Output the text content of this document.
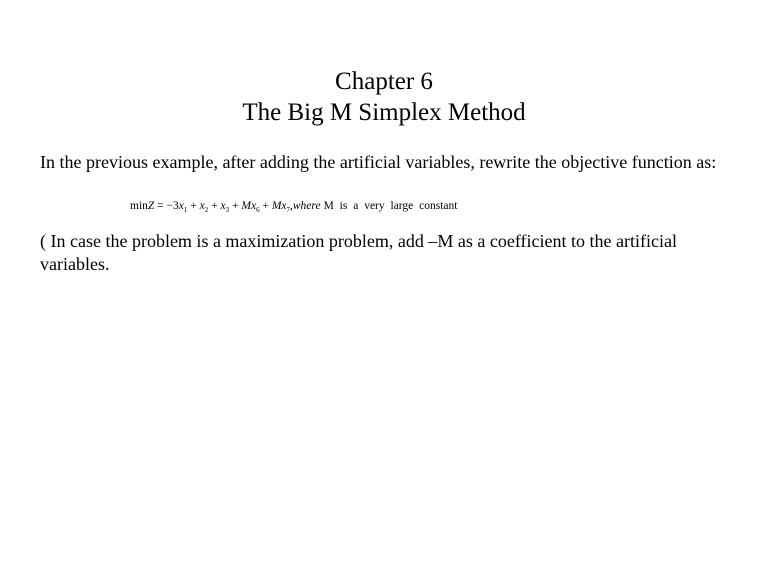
Chapter 6
The Big M Simplex Method
In the previous example, after adding the artificial variables, rewrite the objective function as:
$\min Z = -3x_1 + x_2 + x_3 + Mx_6$ + $Mx_7,where$ M is a very large constant
( In case the problem is a maximization problem, add –M as a coefficient to the artificial variables.
